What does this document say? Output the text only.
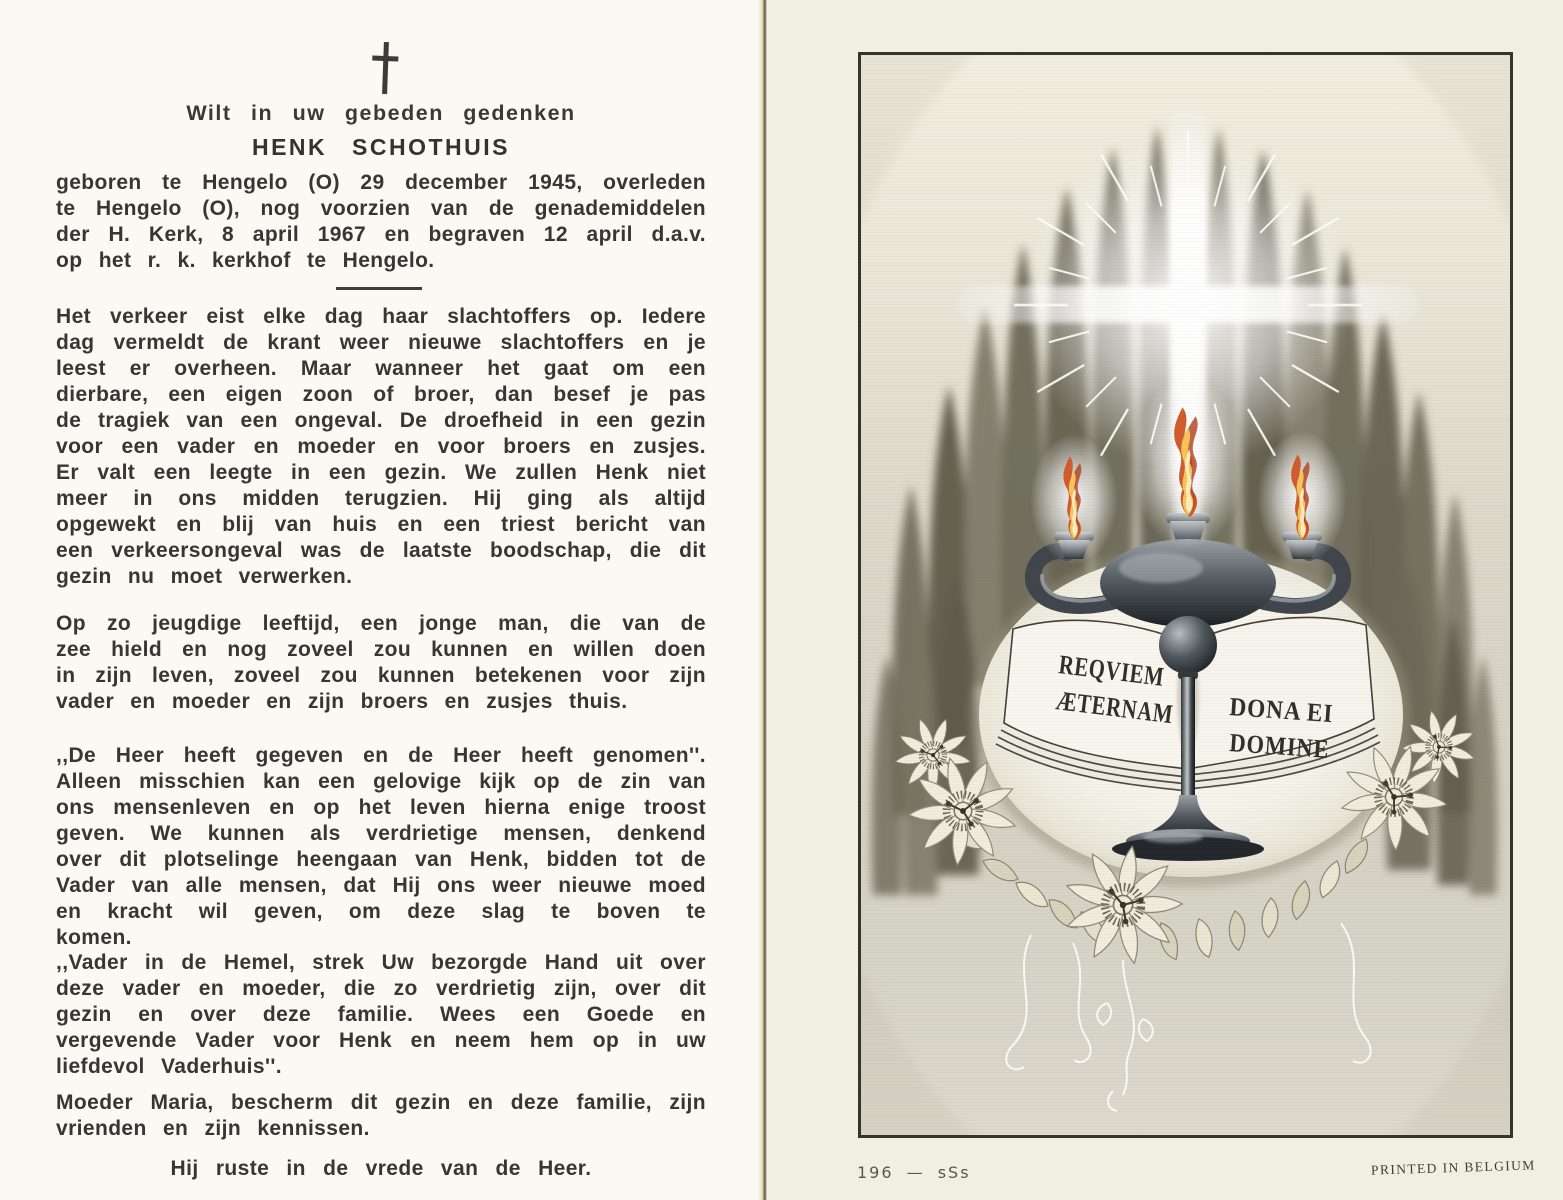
Wilt in uw gebeden gedenken
HENK SCHOTHUIS
geboren te Hengelo (O) 29 december 1945, overleden te Hengelo (O), nog voorzien van de genademiddelen der H. Kerk, 8 april 1967 en begraven 12 april d.a.v. op het r. k. kerkhof te Hengelo.
Het verkeer eist elke dag haar slachtoffers op. Iedere dag vermeldt de krant weer nieuwe slachtoffers en je leest er overheen. Maar wanneer het gaat om een dierbare, een eigen zoon of broer, dan besef je pas de tragiek van een ongeval. De droefheid in een gezin voor een vader en moeder en voor broers en zusjes. Er valt een leegte in een gezin. We zullen Henk niet meer in ons midden terugzien. Hij ging als altijd opgewekt en blij van huis en een triest bericht van een verkeersongeval was de laatste boodschap, die dit gezin nu moet verwerken.
Op zo jeugdige leeftijd, een jonge man, die van de zee hield en nog zoveel zou kunnen en willen doen in zijn leven, zoveel zou kunnen betekenen voor zijn vader en moeder en zijn broers en zusjes thuis.
,,De Heer heeft gegeven en de Heer heeft genomen''. Alleen misschien kan een gelovige kijk op de zin van ons mensenleven en op het leven hierna enige troost geven. We kunnen als verdrietige mensen, denkend over dit plotselinge heengaan van Henk, bidden tot de Vader van alle mensen, dat Hij ons weer nieuwe moed en kracht wil geven, om deze slag te boven te komen.
,,Vader in de Hemel, strek Uw bezorgde Hand uit over deze vader en moeder, die zo verdrietig zijn, over dit gezin en over deze familie. Wees een Goede en vergevende Vader voor Henk en neem hem op in uw liefdevol Vaderhuis''.
Moeder Maria, bescherm dit gezin en deze familie, zijn vrienden en zijn kennissen.
Hij ruste in de vrede van de Heer.
REQVIEM
ÆTERNAM DONA EI
DOMINE
196 — sSs	PRINTED IN BELGIUM
